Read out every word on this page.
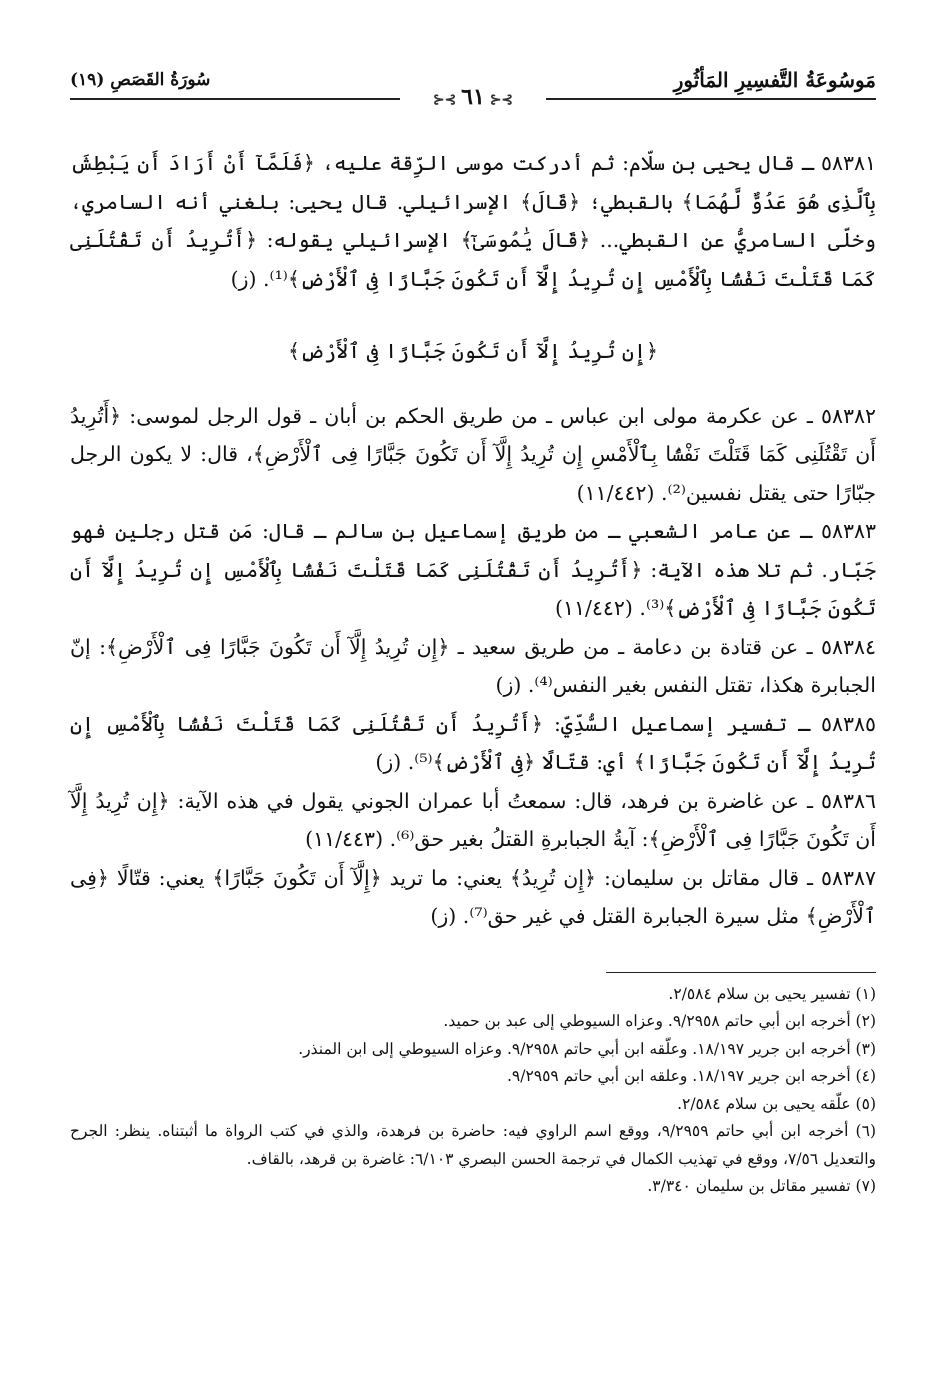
مَوسُوعَةُ التَّفسِيرِ المَأثُورِ
سُورَةُ القَصَصِ (١٩)
⊱⊰ ٦١ ⊱⊰

٥٨٣٨١ ـ قال يحيى بن سلّام: ثم أدركت موسى الرِّقة عليه، ﴿فَلَمَّآ أَنْ أَرَادَ أَن يَبْطِشَ بِٱلَّذِى هُوَ عَدُوٌّ لَّهُمَا﴾ بالقبطي؛ ﴿قَالَ﴾ الإسرائيلي. قال يحيى: بلغني أنه السامري، وخلّى السامريُّ عن القبطي... ﴿قَالَ يَٰمُوسَىٰٓ﴾ الإسرائيلي يقوله: ﴿أَتُرِيدُ أَن تَقْتُلَنِى كَمَا قَتَلْتَ نَفْسًۢا بِٱلْأَمْسِ إِن تُرِيدُ إِلَّآ أَن تَكُونَ جَبَّارًا فِى ٱلْأَرْضِ﴾⁽¹⁾. (ز)

﴿إِن تُرِيدُ إِلَّآ أَن تَكُونَ جَبَّارًا فِى ٱلْأَرْضِ﴾

٥٨٣٨٢ ـ عن عكرمة مولى ابن عباس ـ من طريق الحكم بن أبان ـ قول الرجل لموسى: ﴿أَتُرِيدُ أَن تَقْتُلَنِى كَمَا قَتَلْتَ نَفْسًۢا بِٱلْأَمْسِ إِن تُرِيدُ إِلَّآ أَن تَكُونَ جَبَّارًا فِى ٱلْأَرْضِ﴾، قال: لا يكون الرجل جبّارًا حتى يقتل نفسين⁽²⁾. (١١/٤٤٢)

٥٨٣٨٣ ـ عن عامر الشعبي ـ من طريق إسماعيل بن سالم ـ قال: مَن قتل رجلين فهو جَبّار. ثم تلا هذه الآية: ﴿أَتُرِيدُ أَن تَقْتُلَنِى كَمَا قَتَلْتَ نَفْسًۢا بِٱلْأَمْسِ إِن تُرِيدُ إِلَّآ أَن تَكُونَ جَبَّارًا فِى ٱلْأَرْضِ﴾⁽³⁾. (١١/٤٤٢)

٥٨٣٨٤ ـ عن قتادة بن دعامة ـ من طريق سعيد ـ ﴿إِن تُرِيدُ إِلَّآ أَن تَكُونَ جَبَّارًا فِى ٱلْأَرْضِ﴾: إنّ الجبابرة هكذا، تقتل النفس بغير النفس⁽⁴⁾. (ز)

٥٨٣٨٥ ـ تفسير إسماعيل السُّدِّيّ: ﴿أَتُرِيدُ أَن تَقْتُلَنِى كَمَا قَتَلْتَ نَفْسًۢا بِٱلْأَمْسِ إِن تُرِيدُ إِلَّآ أَن تَكُونَ جَبَّارًا﴾ أي: قتّالًا ﴿فِى ٱلْأَرْضِ﴾⁽⁵⁾. (ز)

٥٨٣٨٦ ـ عن غاضرة بن فرهد، قال: سمعتُ أبا عمران الجوني يقول في هذه الآية: ﴿إِن تُرِيدُ إِلَّآ أَن تَكُونَ جَبَّارًا فِى ٱلْأَرْضِ﴾: آيةُ الجبابرةِ القتلُ بغير حق⁽⁶⁾. (١١/٤٤٣)

٥٨٣٨٧ ـ قال مقاتل بن سليمان: ﴿إِن تُرِيدُ﴾ يعني: ما تريد ﴿إِلَّآ أَن تَكُونَ جَبَّارًا﴾ يعني: قتّالًا ﴿فِى ٱلْأَرْضِ﴾ مثل سيرة الجبابرة القتل في غير حق⁽⁷⁾. (ز)

(١) تفسير يحيى بن سلام ٢/٥٨٤.

(٢) أخرجه ابن أبي حاتم ٩/٢٩٥٨. وعزاه السيوطي إلى عبد بن حميد.

(٣) أخرجه ابن جرير ١٨/١٩٧. وعلّقه ابن أبي حاتم ٩/٢٩٥٨. وعزاه السيوطي إلى ابن المنذر.

(٤) أخرجه ابن جرير ١٨/١٩٧. وعلقه ابن أبي حاتم ٩/٢٩٥٩.

(٥) علّقه يحيى بن سلام ٢/٥٨٤.

(٦) أخرجه ابن أبي حاتم ٩/٢٩٥٩، ووقع اسم الراوي فيه: حاضرة بن فرهدة، والذي في كتب الرواة ما أثبتناه. ينظر: الجرح والتعديل ٧/٥٦، ووقع في تهذيب الكمال في ترجمة الحسن البصري ٦/١٠٣: غاضرة بن قرهد، بالقاف.

(٧) تفسير مقاتل بن سليمان ٣/٣٤٠.
